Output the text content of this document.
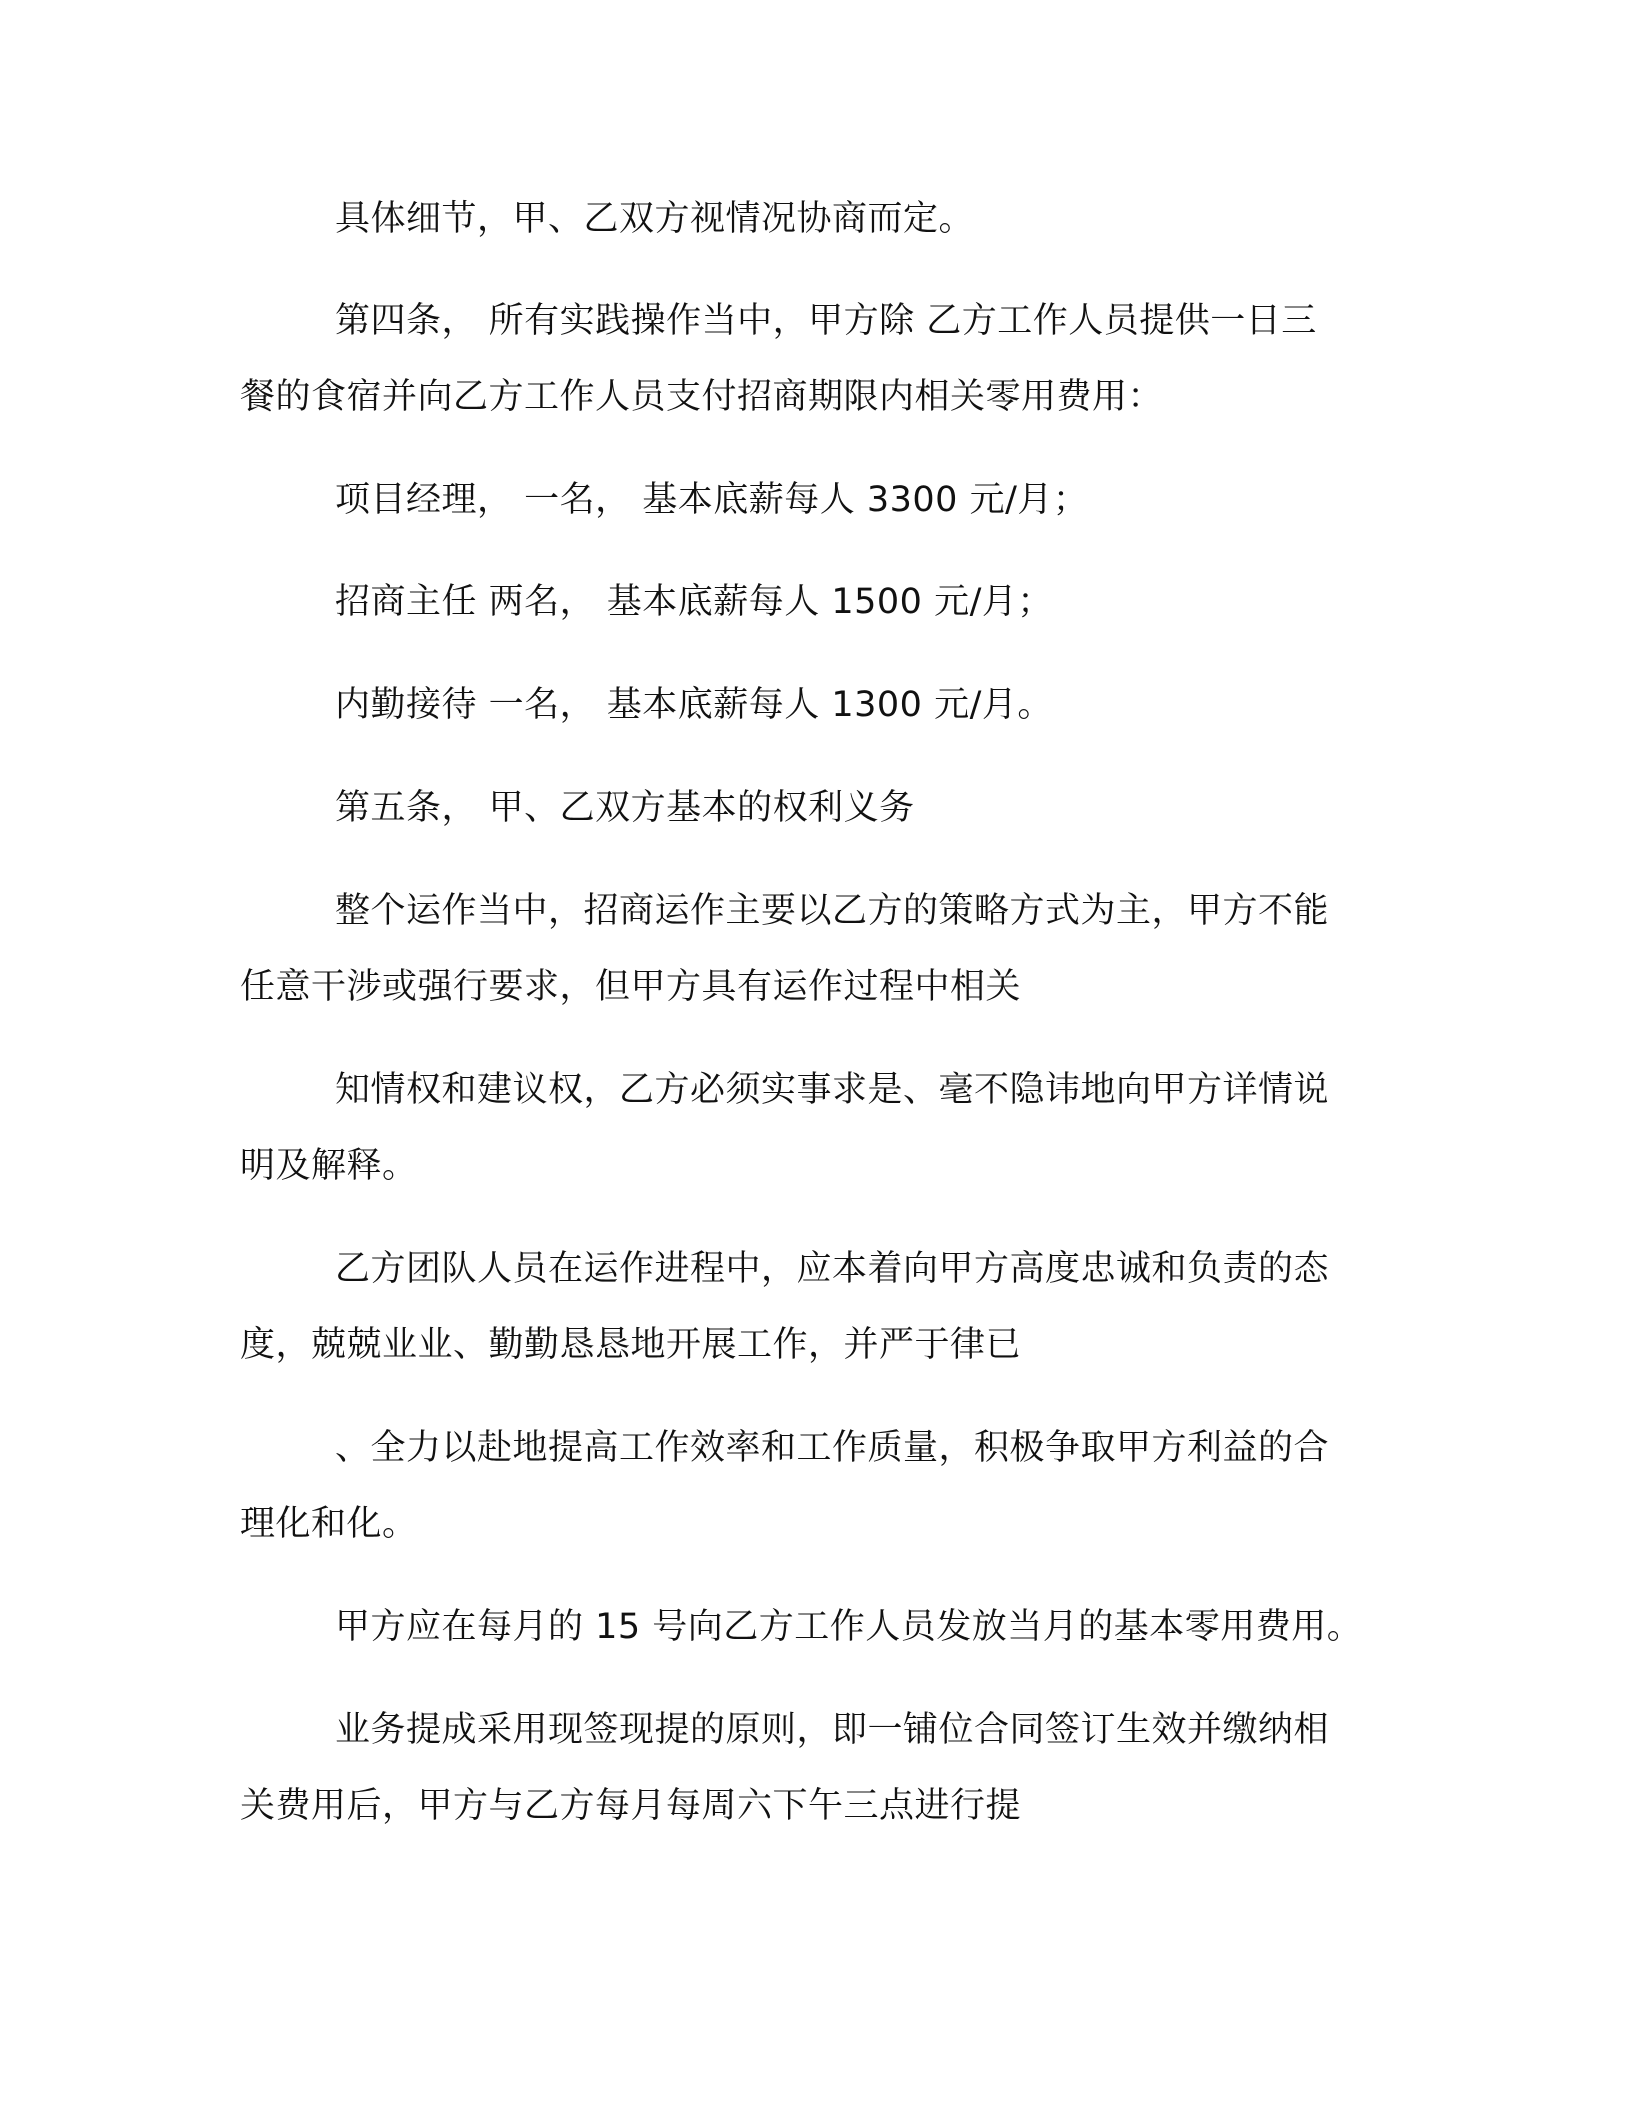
具体细节，甲、乙双方视情况协商而定。
第四条， 所有实践操作当中，甲方除 乙方工作人员提供一日三
餐的食宿并向乙方工作人员支付招商期限内相关零用费用：
项目经理， 一名， 基本底薪每人 3300 元/月；
招商主任 两名， 基本底薪每人 1500 元/月；
内勤接待 一名， 基本底薪每人 1300 元/月。
第五条， 甲、乙双方基本的权利义务
整个运作当中，招商运作主要以乙方的策略方式为主，甲方不能
任意干涉或强行要求，但甲方具有运作过程中相关
知情权和建议权，乙方必须实事求是、毫不隐讳地向甲方详情说
明及解释。
乙方团队人员在运作进程中，应本着向甲方高度忠诚和负责的态
度，兢兢业业、勤勤恳恳地开展工作，并严于律已
、全力以赴地提高工作效率和工作质量，积极争取甲方利益的合
理化和化。
甲方应在每月的 15 号向乙方工作人员发放当月的基本零用费用。
业务提成采用现签现提的原则，即一铺位合同签订生效并缴纳相
关费用后，甲方与乙方每月每周六下午三点进行提
